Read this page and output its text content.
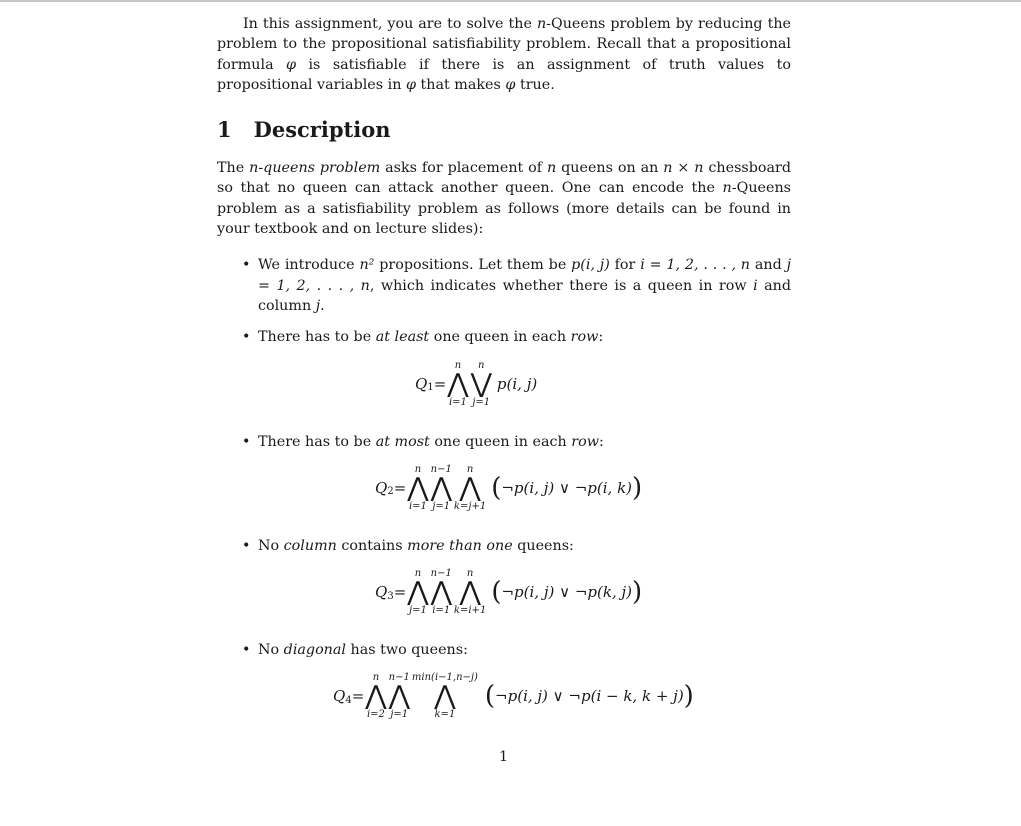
In this assignment, you are to solve the n-Queens problem by reducing the problem to the propositional satisfiability problem. Recall that a propositional formula φ is satisfiable if there is an assignment of truth values to propositional variables in φ that makes φ true.

1 Description

The n-queens problem asks for placement of n queens on an n × n chessboard so that no queen can attack another queen. One can encode the n-Queens problem as a satisfiability problem as follows (more details can be found in your textbook and on lecture slides):

• We introduce n² propositions. Let them be p(i, j) for i = 1, 2, . . . , n and j = 1, 2, . . . , n, which indicates whether there is a queen in row i and column j.
• There has to be at least one queen in each row:
Q 1 =
n
⋀
i=1
n
⋁
j=1
p(i, j)
• There has to be at most one queen in each row:
Q 2 =
n
⋀
i=1
n−1
⋀
j=1
n
⋀
k=j+1
( ¬p(i, j) ∨ ¬p(i, k) )
• No column contains more than one queens:
Q 3 =
n
⋀
j=1
n−1
⋀
i=1
n
⋀
k=i+1
( ¬p(i, j) ∨ ¬p(k, j) )
• No diagonal has two queens:
Q 4 =
n
⋀
i=2
n−1
⋀
j=1
min(i−1,n−j)
⋀
k=1
( ¬p(i, j) ∨ ¬p(i − k, k + j) )
1
